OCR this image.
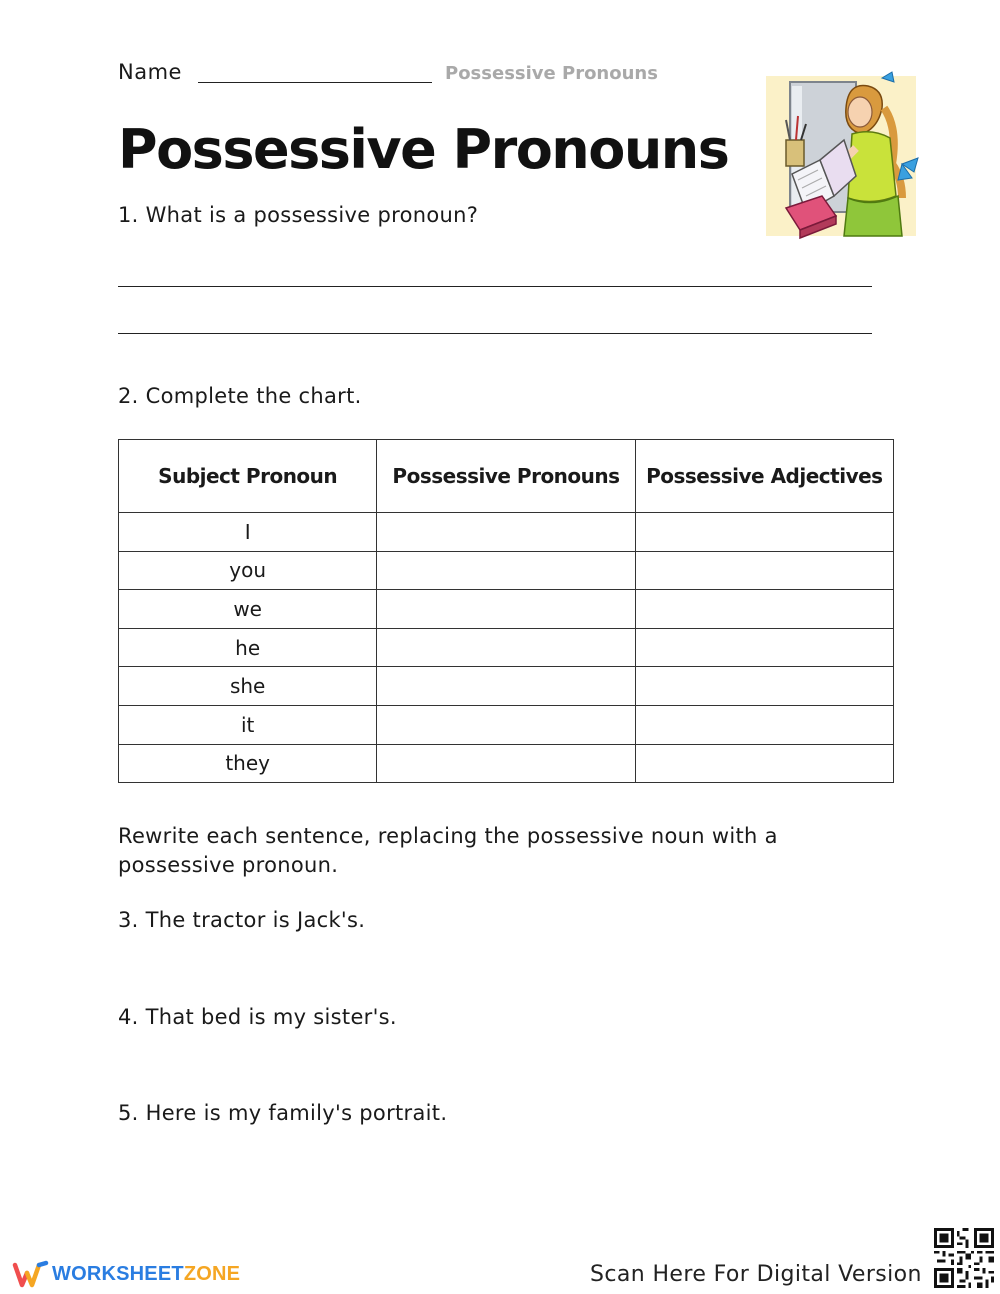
Name	Possessive Pronouns
Possessive Pronouns
1. What is a possessive pronoun?
2. Complete the chart.
Subject Pronoun	Possessive Pronouns	Possessive Adjectives
I		
you		
we		
he		
she		
it		
they		
Rewrite each sentence, replacing the possessive noun with a possessive pronoun.
3. The tractor is Jack's.
4. That bed is my sister's.
5. Here is my family's portrait.
WORKSHEETZONE	Scan Here For Digital Version
